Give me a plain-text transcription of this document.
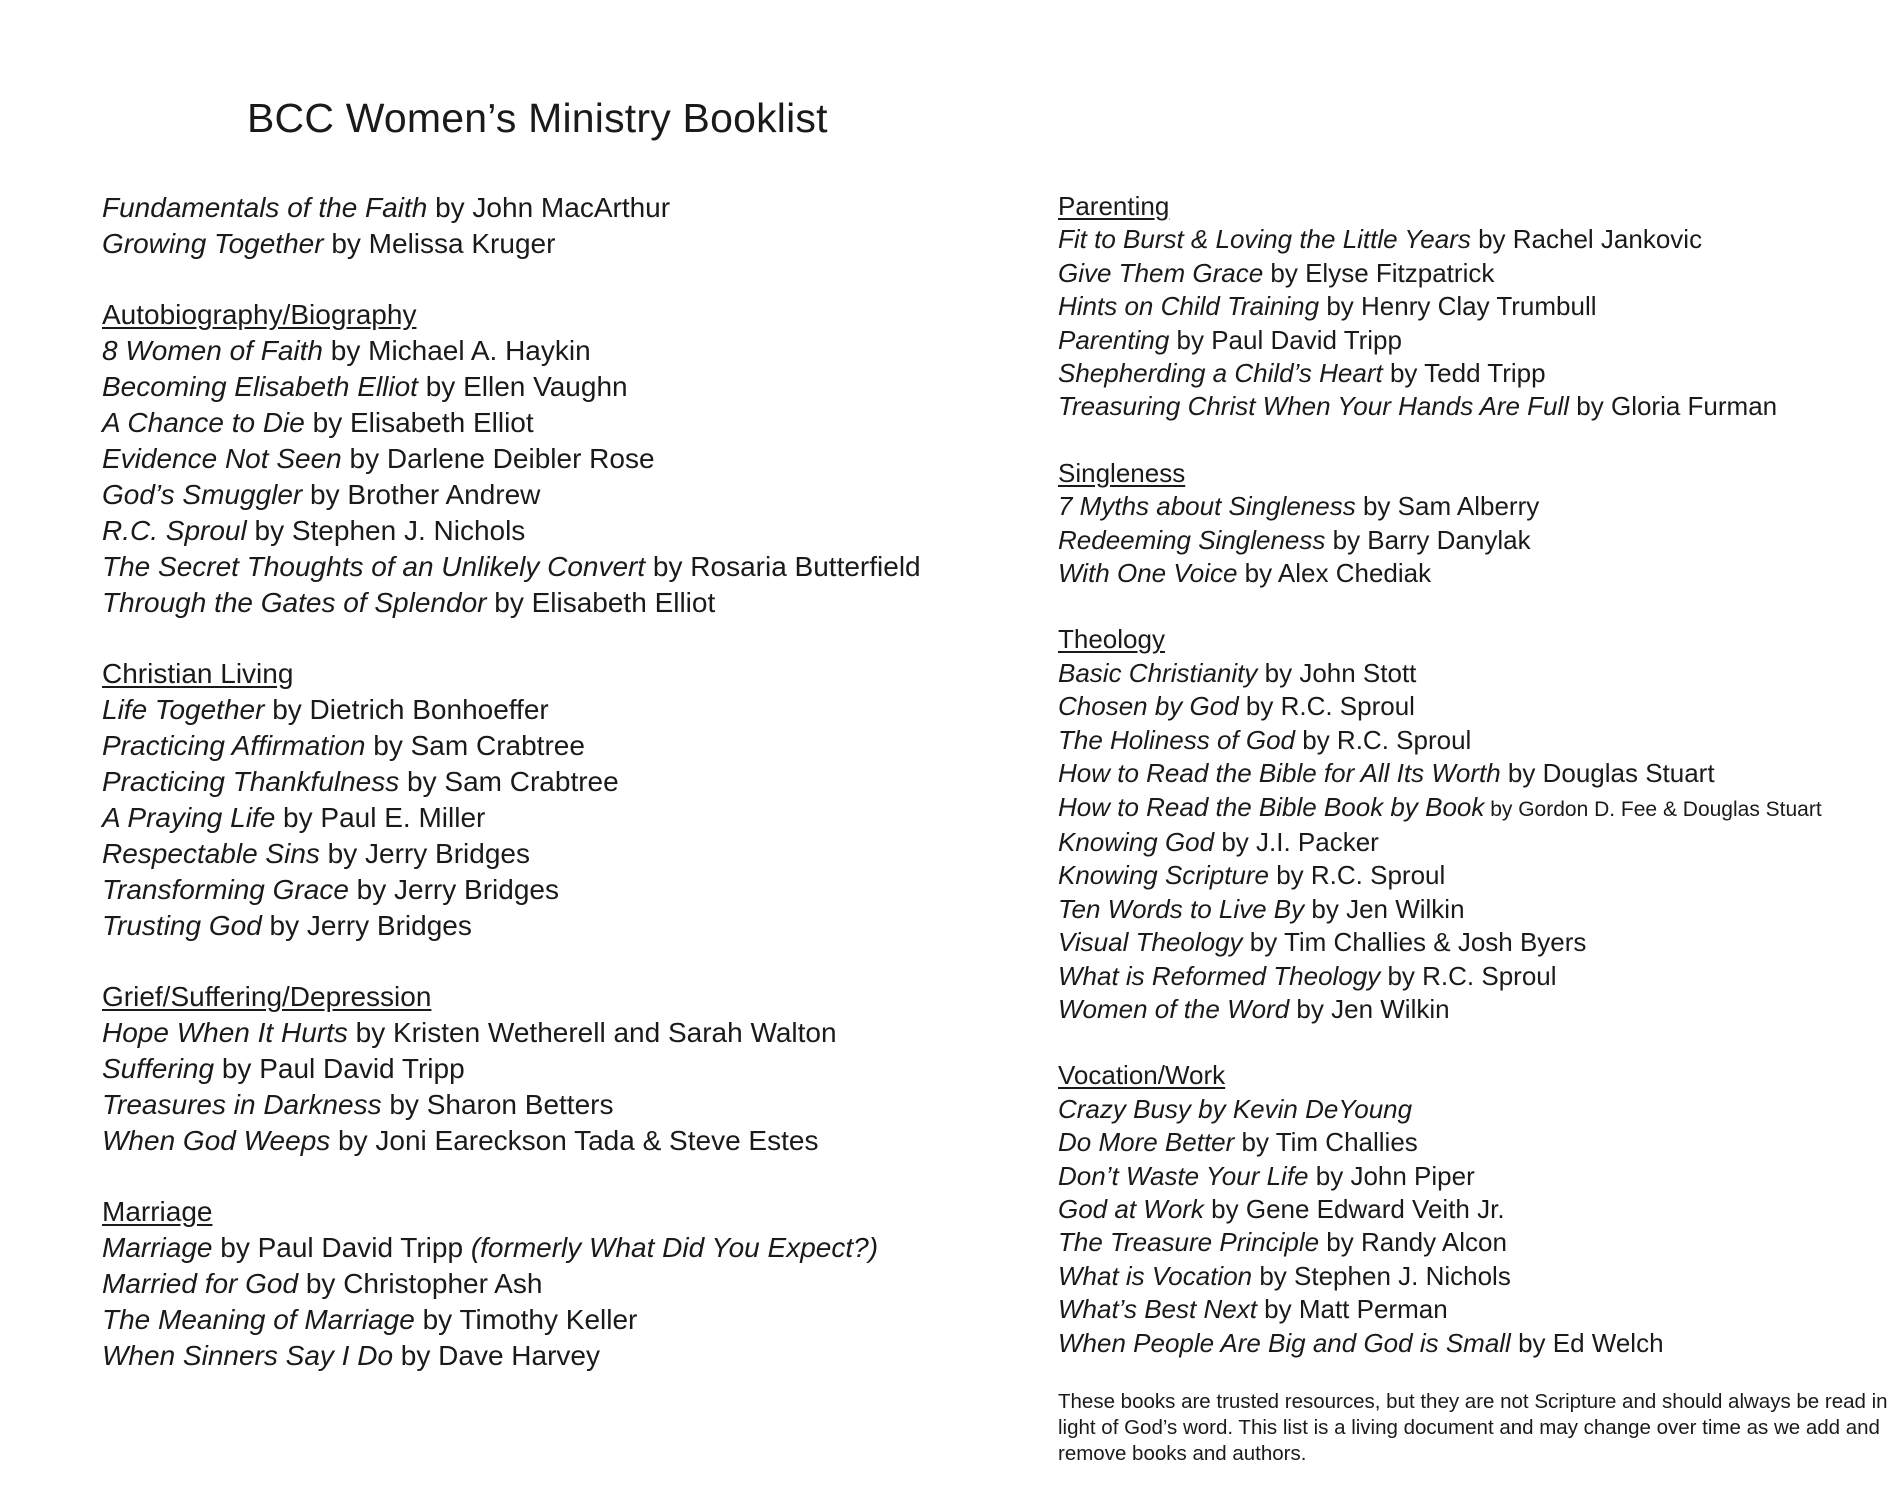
BCC Women’s Ministry Booklist
Fundamentals of the Faith by John MacArthur
Growing Together by Melissa Kruger
Autobiography/Biography
8 Women of Faith by Michael A. Haykin
Becoming Elisabeth Elliot by Ellen Vaughn
A Chance to Die by Elisabeth Elliot
Evidence Not Seen by Darlene Deibler Rose
God’s Smuggler by Brother Andrew
R.C. Sproul by Stephen J. Nichols
The Secret Thoughts of an Unlikely Convert by Rosaria Butterfield
Through the Gates of Splendor by Elisabeth Elliot
Christian Living
Life Together by Dietrich Bonhoeffer
Practicing Affirmation by Sam Crabtree
Practicing Thankfulness by Sam Crabtree
A Praying Life by Paul E. Miller
Respectable Sins by Jerry Bridges
Transforming Grace by Jerry Bridges
Trusting God by Jerry Bridges
Grief/Suffering/Depression
Hope When It Hurts by Kristen Wetherell and Sarah Walton
Suffering by Paul David Tripp
Treasures in Darkness by Sharon Betters
When God Weeps by Joni Eareckson Tada & Steve Estes
Marriage
Marriage by Paul David Tripp (formerly What Did You Expect?)
Married for God by Christopher Ash
The Meaning of Marriage by Timothy Keller
When Sinners Say I Do by Dave Harvey
Parenting
Fit to Burst & Loving the Little Years by Rachel Jankovic
Give Them Grace by Elyse Fitzpatrick
Hints on Child Training by Henry Clay Trumbull
Parenting by Paul David Tripp
Shepherding a Child’s Heart by Tedd Tripp
Treasuring Christ When Your Hands Are Full by Gloria Furman
Singleness
7 Myths about Singleness by Sam Alberry
Redeeming Singleness by Barry Danylak
With One Voice by Alex Chediak
Theology
Basic Christianity by John Stott
Chosen by God by R.C. Sproul
The Holiness of God by R.C. Sproul
How to Read the Bible for All Its Worth by Douglas Stuart
How to Read the Bible Book by Book by Gordon D. Fee & Douglas Stuart
Knowing God by J.I. Packer
Knowing Scripture by R.C. Sproul
Ten Words to Live By by Jen Wilkin
Visual Theology by Tim Challies & Josh Byers
What is Reformed Theology by R.C. Sproul
Women of the Word by Jen Wilkin
Vocation/Work
Crazy Busy by Kevin DeYoung
Do More Better by Tim Challies
Don’t Waste Your Life by John Piper
God at Work by Gene Edward Veith Jr.
The Treasure Principle by Randy Alcon
What is Vocation by Stephen J. Nichols
What’s Best Next by Matt Perman
When People Are Big and God is Small by Ed Welch
These books are trusted resources, but they are not Scripture and should always be read in light of God’s word. This list is a living document and may change over time as we add and remove books and authors.
